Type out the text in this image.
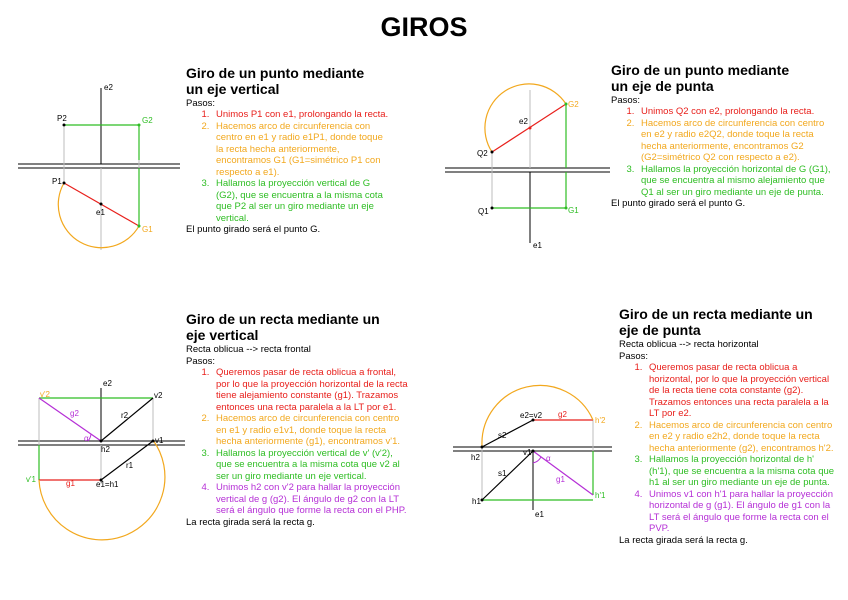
GIROS
e2
P2	G2
P1
e1
G1
G2
e2
Q2
Q1	G1
e1
e2
v'2	v2
g2	r2
α	v1
h2
r1
v'1	g1	e1=h1
e2=v2 g2
h'2
s2
h2
v1
α
s1
g1
h'1
h1
e1
Giro de un punto mediante
un eje vertical
Pasos:
1. Unimos P1 con e1, prolongando la recta.
2. Hacemos arco de circunferencia con centro en e1 y radio e1P1, donde toque la recta hecha anteriormente, encontramos G1 (G1=simétrico P1 con respecto a e1).
3. Hallamos la proyección vertical de G (G2), que se encuentra a la misma cota que P2 al ser un giro mediante un eje vertical.
El punto girado será el punto G.
Giro de un punto mediante
un eje de punta
Pasos:
1. Unimos Q2 con e2, prolongando la recta.
2. Hacemos arco de circunferencia con centro en e2 y radio e2Q2, donde toque la recta hecha anteriormente, encontramos G2 (G2=simétrico Q2 con respecto a e2).
3. Hallamos la proyección horizontal de G (G1), que se encuentra al mismo alejamiento que Q1 al ser un giro mediante un eje de punta.
El punto girado será el punto G.
Giro de un recta mediante un
eje vertical
Recta oblicua --> recta frontal
Pasos:
1. Queremos pasar de recta oblicua a frontal, por lo que la proyección horizontal de la recta tiene alejamiento constante (g1). Trazamos entonces una recta paralela a la LT por e1.
2. Hacemos arco de circunferencia con centro en e1 y radio e1v1, donde toque la recta hecha anteriormente (g1), encontramos v'1.
3. Hallamos la proyección vertical de v' (v'2), que se encuentra a la misma cota que v2 al ser un giro mediante un eje vertical.
4. Unimos h2 con v'2 para hallar la proyección vertical de g (g2). El ángulo de g2 con la LT será el ángulo que forme la recta con el PHP.
La recta girada será la recta g.
Giro de un recta mediante un
eje de punta
Recta oblicua --> recta horizontal
Pasos:
1. Queremos pasar de recta oblicua a horizontal, por lo que la proyección vertical de la recta tiene cota constante (g2). Trazamos entonces una recta paralela a la LT por e2.
2. Hacemos arco de circunferencia con centro en e2 y radio e2h2, donde toque la recta hecha anteriormente (g2), encontramos h'2.
3. Hallamos la proyección horizontal de h' (h'1), que se encuentra a la misma cota que h1 al ser un giro mediante un eje de punta.
4. Unimos v1 con h'1 para hallar la proyección horizontal de g (g1). El ángulo de g1 con la LT será el ángulo que forme la recta con el PVP.
La recta girada será la recta g.
